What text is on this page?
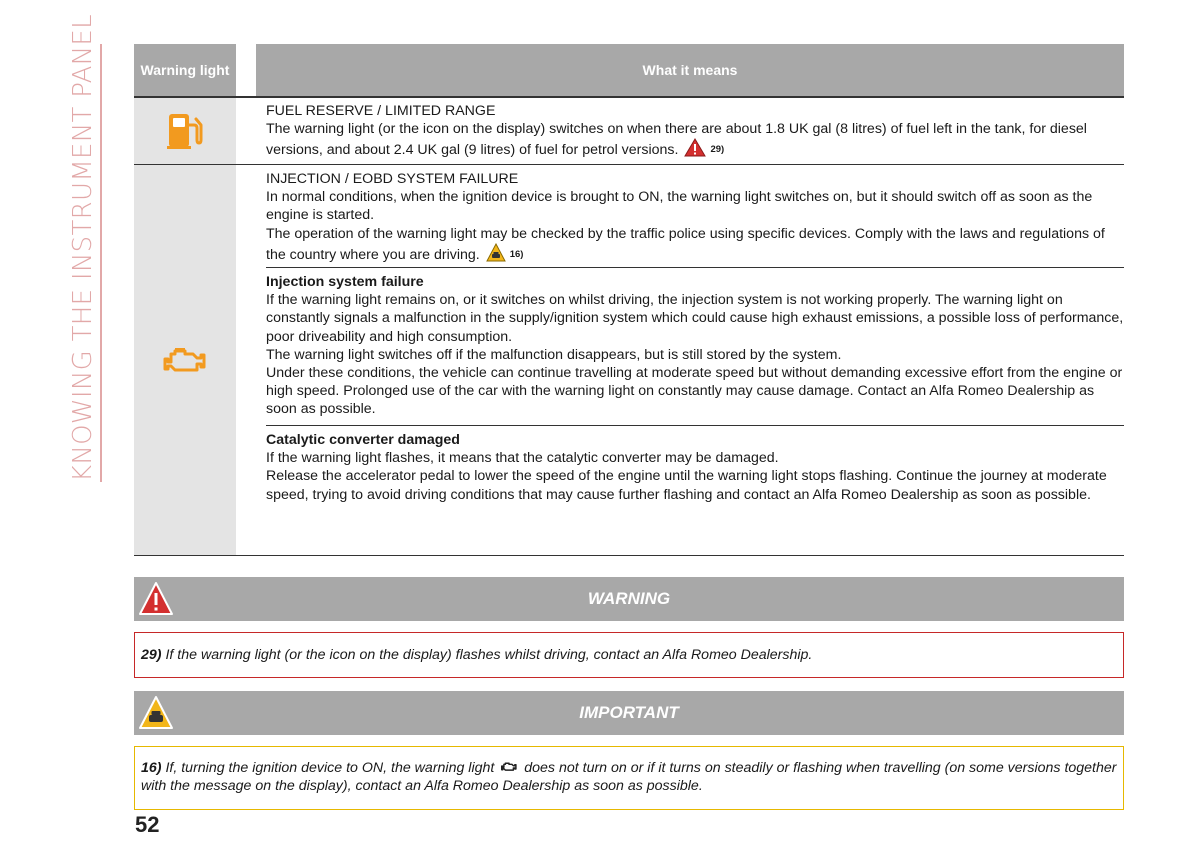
KNOWING THE INSTRUMENT PANEL	Warning light	What it means
FUEL RESERVE / LIMITED RANGE
The warning light (or the icon on the display) switches on when there are about 1.8 UK gal (8 litres) of fuel left in the tank, for diesel versions, and about 2.4 UK gal (9 litres) of fuel for petrol versions.	29)
INJECTION / EOBD SYSTEM FAILURE
In normal conditions, when the ignition device is brought to ON, the warning light switches on, but it should switch off as soon as the engine is started.
The operation of the warning light may be checked by the traffic police using specific devices. Comply with the laws and regulations of the country where you are driving.	16)
Injection system failure
If the warning light remains on, or it switches on whilst driving, the injection system is not working properly. The warning light on constantly signals a malfunction in the supply/ignition system which could cause high exhaust emissions, a possible loss of performance, poor driveability and high consumption.
The warning light switches off if the malfunction disappears, but is still stored by the system.
Under these conditions, the vehicle can continue travelling at moderate speed but without demanding excessive effort from the engine or high speed. Prolonged use of the car with the warning light on constantly may cause damage. Contact an Alfa Romeo Dealership as soon as possible.
Catalytic converter damaged
If the warning light flashes, it means that the catalytic converter may be damaged.
Release the accelerator pedal to lower the speed of the engine until the warning light stops flashing. Continue the journey at moderate speed, trying to avoid driving conditions that may cause further flashing and contact an Alfa Romeo Dealership as soon as possible.
WARNING
29) If the warning light (or the icon on the display) flashes whilst driving, contact an Alfa Romeo Dealership.
IMPORTANT
16) If, turning the ignition device to ON, the warning light does not turn on or if it turns on steadily or flashing when travelling (on some versions together with the message on the display), contact an Alfa Romeo Dealership as soon as possible.
52
